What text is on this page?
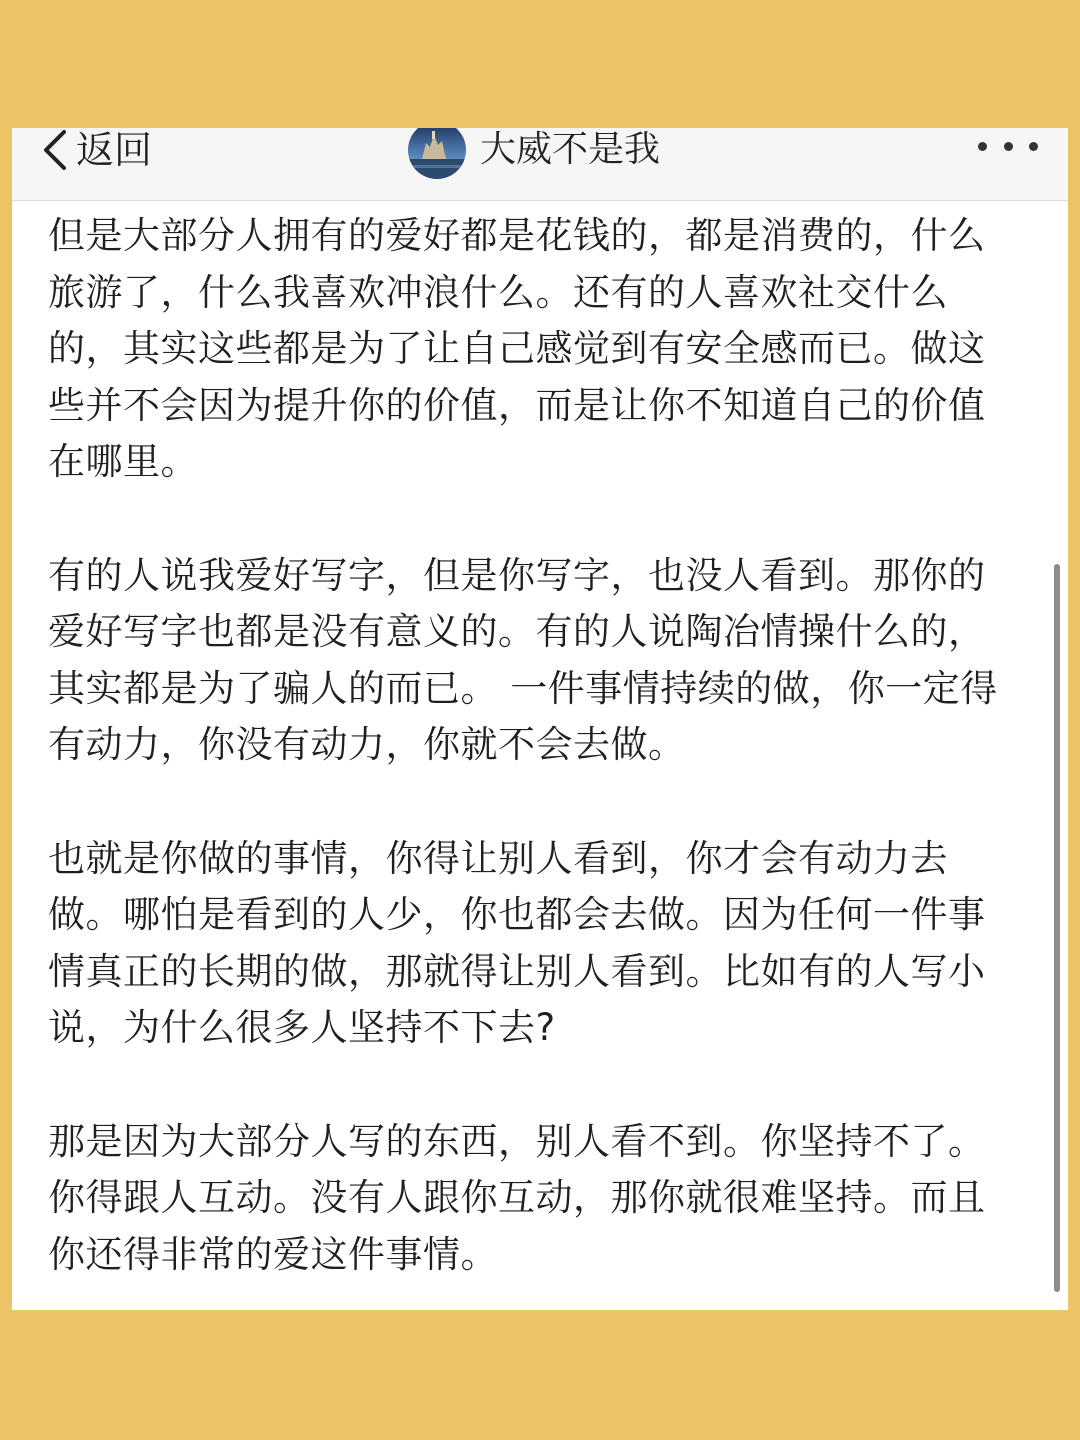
返回	大威不是我

但是大部分人拥有的爱好都是花钱的，都是消费的，什么旅游了，什么我喜欢冲浪什么。还有的人喜欢社交什么的，其实这些都是为了让自己感觉到有安全感而已。做这些并不会因为提升你的价值，而是让你不知道自己的价值在哪里。

有的人说我爱好写字，但是你写字，也没人看到。那你的爱好写字也都是没有意义的。有的人说陶冶情操什么的，其实都是为了骗人的而已。 一件事情持续的做，你一定得有动力，你没有动力，你就不会去做。

也就是你做的事情，你得让别人看到，你才会有动力去做。哪怕是看到的人少，你也都会去做。因为任何一件事情真正的长期的做，那就得让别人看到。比如有的人写小说，为什么很多人坚持不下去?

那是因为大部分人写的东西，别人看不到。你坚持不了。你得跟人互动。没有人跟你互动，那你就很难坚持。而且你还得非常的爱这件事情。
